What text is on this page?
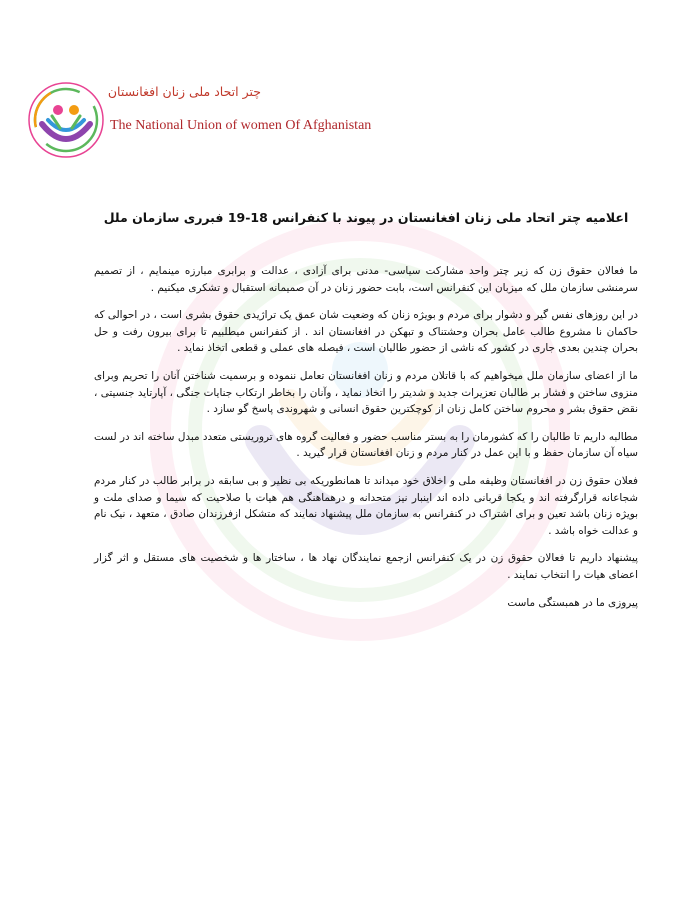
چتر اتحاد ملی زنان افغانستان
The National Union of women Of Afghanistan
اعلامیه چتر اتحاد ملی زنان افغانستان در پیوند با کنفرانس 18-19 فبرری سازمان ملل

ما فعالان حقوق زن که زیر چتر واحد مشارکت سیاسی- مدنی برای آزادی ، عدالت و برابری مبارزه مینمایم ، از تصمیم سرمنشی سازمان ملل که میزبان این کنفرانس است، بابت حضور زنان در آن صمیمانه استقبال و تشکری میکنیم .

در این روزهای نفس گیر و دشوار برای مردم و بویژه زنان که وضعیت شان عمق یک تراژیدی حقوق بشری است ، در احوالی که حاکمان نا مشروع طالب عامل بحران وحشتناک و تبهکن در افغانستان اند . از کنفرانس میطلبیم تا برای بیرون رفت و حل بحران چندین بعدی جاری در کشور که ناشی از حضور طالبان است ، فیصله های عملی و قطعی اتخاذ نماید .

ما از اعضای سازمان ملل میخواهیم که با قاتلان مردم و زنان افغانستان تعامل ننموده و برسمیت شناختن آنان را تحریم وبرای منزوی ساختن و فشار بر طالبان تعزیرات جدید و شدیتر را اتخاذ نماید ، وآنان را بخاطر ارتکاب جنایات جنگی ، آپارتاید جنسیتی ، نقض حقوق بشر و محروم ساختن کامل زنان از کوچکترین حقوق انسانی و شهروندی پاسخ گو سازد .

مطالبه داریم تا طالبان را که کشورمان را به بستر مناسب حضور و فعالیت گروه های تروریستی متعدد مبدل ساخته اند در لست سیاه آن سازمان حفظ و با این عمل در کنار مردم و زنان افغانستان قرار گیرید .

فعلان حقوق زن در افغانستان وظیفه ملی و اخلاق خود میداند تا همانطوریکه بی نظیر و بی سابقه در برابر طالب در کنار مردم شجاعانه قرارگرفته اند و یکجا قربانی داده اند اینبار نیز متحدانه و درهماهنگی هم هیات با صلاحیت که سیما و صدای ملت و بویژه زنان باشد تعین و برای اشتراک در کنفرانس به سازمان ملل پیشنهاد نمایند که متشکل ازفرزندان صادق ، متعهد ، نیک نام و عدالت خواه باشد .

پیشنهاد داریم تا فعالان حقوق زن در یک کنفرانس ازجمع نمایندگان نهاد ها ، ساختار ها و شخصیت های مستقل و اثر گزار اعضای هیات را انتخاب نمایند .

پیروزی ما در همبستگی ماست
